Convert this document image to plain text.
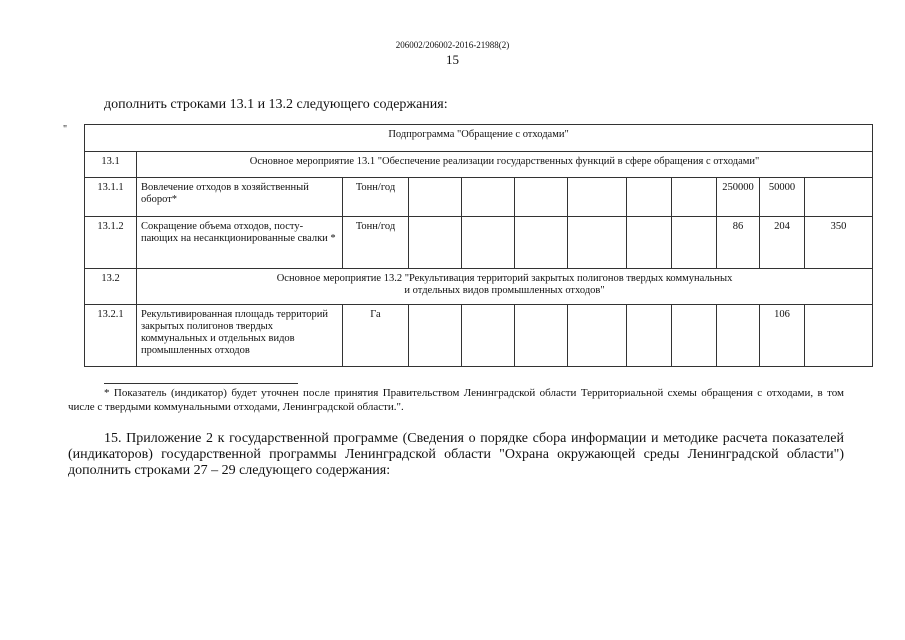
206002/206002-2016-21988(2)
15
дополнить строками 13.1 и 13.2 следующего содержания:
"	Подпрограмма "Обращение с отходами"											
13.1	Основное мероприятие 13.1 "Обеспечение реализации государственных функций в сфере обращения с отходами"										
13.1.1	Вовлечение отходов в хозяйственный оборот*	Тонн/год							250000	50000	
13.1.2	Сокращение объема отходов, посту-пающих на несанкционированные свалки *	Тонн/год							86	204	350
13.2	Основное мероприятие 13.2 "Рекультивация территорий закрытых полигонов твердых коммунальных
и отдельных видов промышленных отходов"										

13.2.1	Рекультивированная площадь территорий закрытых полигонов твердых коммунальных и отдельных видов промышленных отходов	Га								106	
* Показатель (индикатор) будет уточнен после принятия Правительством Ленинградской области Территориальной схемы обращения с отходами, в том числе с твердыми коммунальными отходами, Ленинградской области.".
15. Приложение 2 к государственной программе (Сведения о порядке сбора информации и методике расчета показателей (индикаторов) государственной программы Ленинградской области "Охрана окружающей среды Ленинградской области") дополнить строками 27 – 29 следующего содержания:
